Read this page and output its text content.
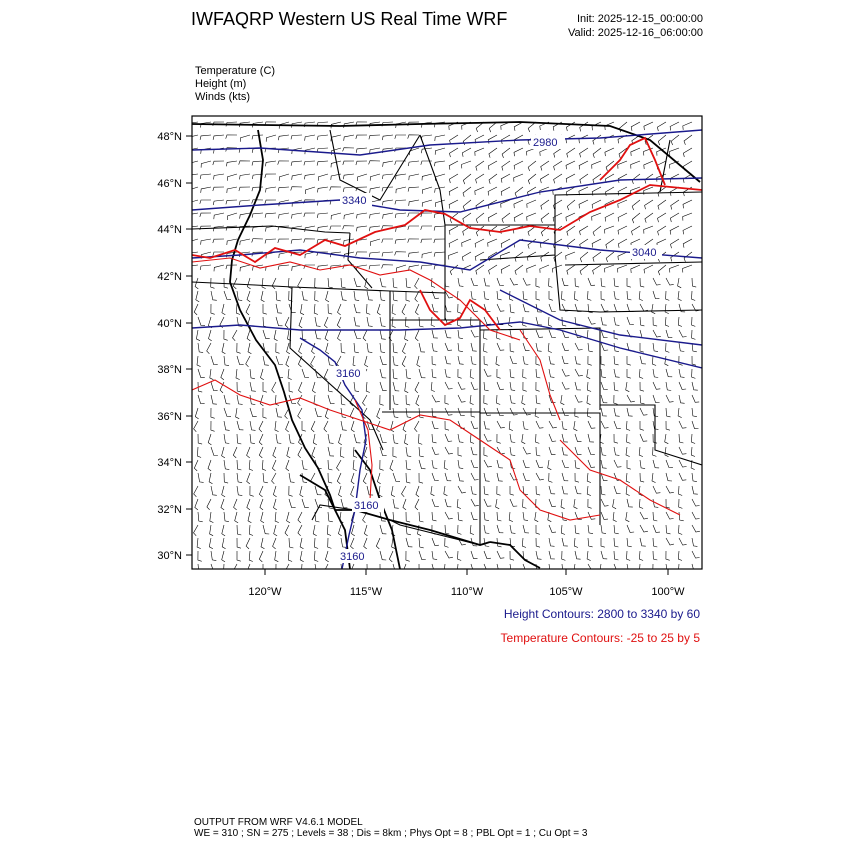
IWFAQRP Western US Real Time WRF	Init: 2025-12-15_00:00:00
Valid: 2025-12-16_06:00:00
Temperature (C)
Height (m)
Winds (kts)
2980
3040
3340
3160
3160
3160
48°N
46°N
44°N
42°N
40°N
38°N
36°N
34°N
32°N
30°N
120°W	115°W	110°W	105°W	100°W
Height Contours: 2800 to 3340 by 60
Temperature Contours: -25 to 25 by 5
OUTPUT FROM WRF V4.6.1 MODEL
WE = 310 ; SN = 275 ; Levels = 38 ; Dis = 8km ; Phys Opt = 8 ; PBL Opt = 1 ; Cu Opt = 3
